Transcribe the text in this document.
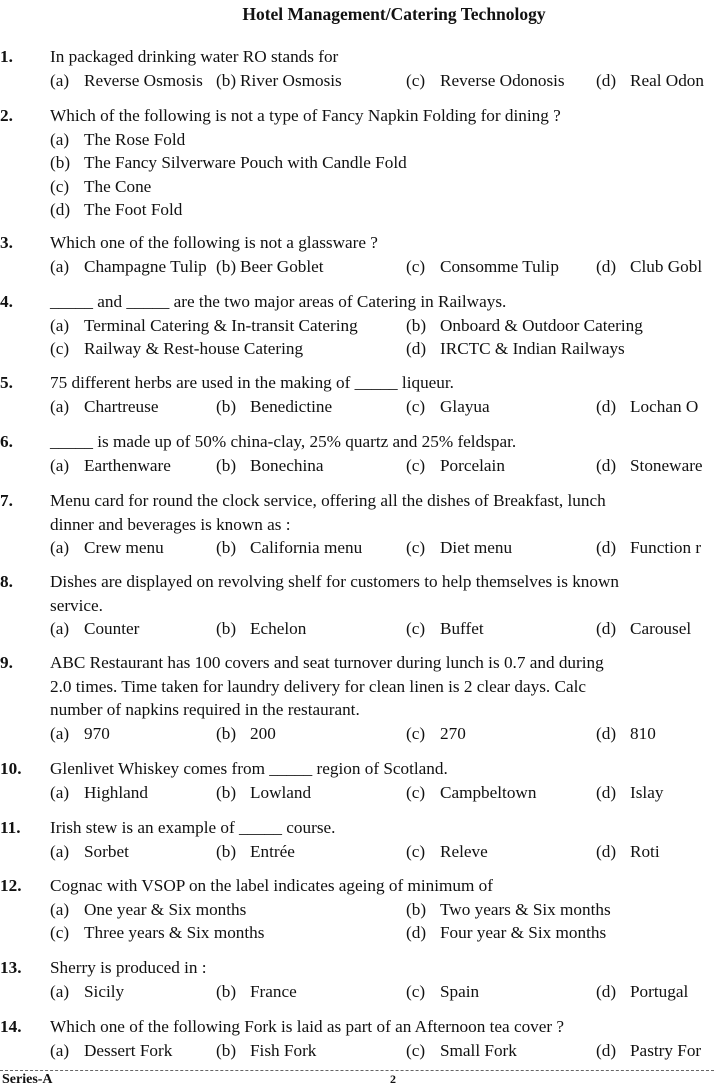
Hotel Management/Catering Technology
1.	In packaged drinking water RO stands for
(a) Reverse Osmosis (b) River Osmosis	(c) Reverse Odonosis (d) Real Odon
2.	Which of the following is not a type of Fancy Napkin Folding for dining ?
(a) The Rose Fold
(b) The Fancy Silverware Pouch with Candle Fold
(c) The Cone
(d) The Foot Fold
3.	Which one of the following is not a glassware ?
(a) Champagne Tulip (b) Beer Goblet	(c) Consomme Tulip (d) Club Gobl
4.	_____ and _____ are the two major areas of Catering in Railways.
(a) Terminal Catering & In-transit Catering	(b) Onboard & Outdoor Catering
(c) Railway & Rest-house Catering	(d) IRCTC & Indian Railways
5.	75 different herbs are used in the making of _____ liqueur.
(a) Chartreuse	(b) Benedictine	(c) Glayua	(d) Lochan O
6.	_____ is made up of 50% china-clay, 25% quartz and 25% feldspar.
(a) Earthenware	(b) Bonechina	(c) Porcelain	(d) Stoneware
7.	Menu card for round the clock service, offering all the dishes of Breakfast, lunch
dinner and beverages is known as :
(a) Crew menu	(b) California menu	(c) Diet menu	(d) Function r
8.	Dishes are displayed on revolving shelf for customers to help themselves is known
service.
(a) Counter	(b) Echelon	(c) Buffet	(d) Carousel
9.	ABC Restaurant has 100 covers and seat turnover during lunch is 0.7 and during
2.0 times. Time taken for laundry delivery for clean linen is 2 clear days. Calc
number of napkins required in the restaurant.
(a) 970	(b) 200	(c) 270	(d) 810
10.	Glenlivet Whiskey comes from _____ region of Scotland.
(a) Highland	(b) Lowland	(c) Campbeltown	(d) Islay
11.	Irish stew is an example of _____ course.
(a) Sorbet	(b) Entrée	(c) Releve	(d) Roti
12.	Cognac with VSOP on the label indicates ageing of minimum of
(a) One year & Six months	(b) Two years & Six months
(c) Three years & Six months	(d) Four year & Six months
13.	Sherry is produced in :
(a) Sicily	(b) France	(c) Spain	(d) Portugal
14.	Which one of the following Fork is laid as part of an Afternoon tea cover ?
(a) Dessert Fork	(b) Fish Fork	(c) Small Fork	(d) Pastry For
Series-A	2
